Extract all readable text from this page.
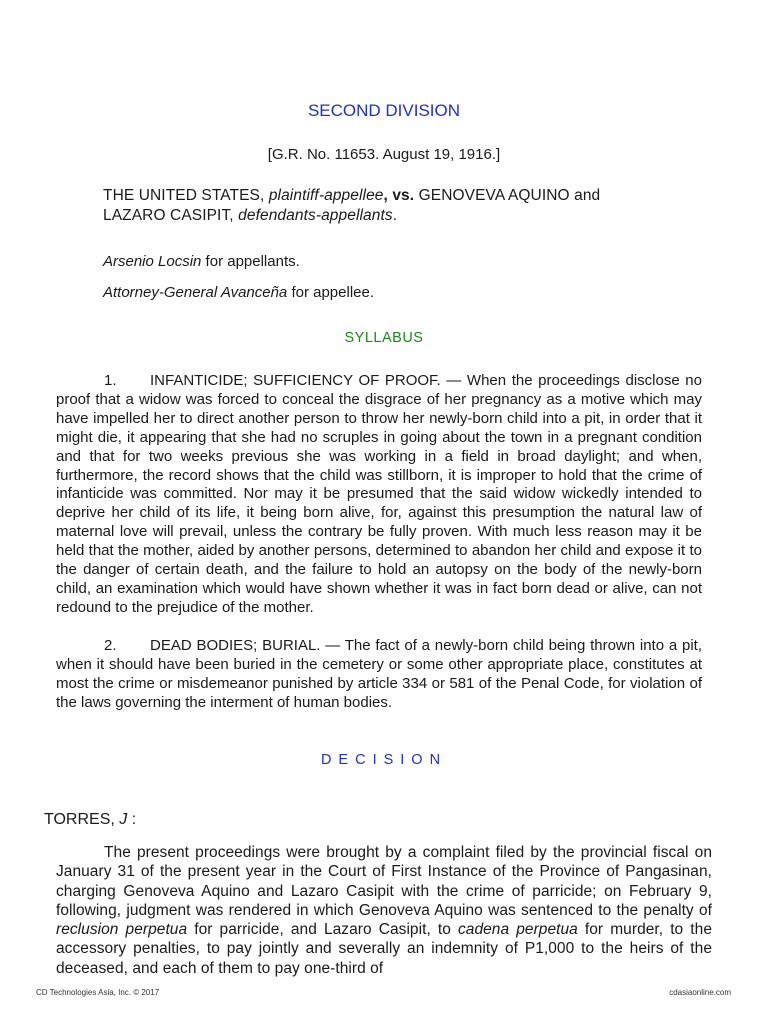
SECOND DIVISION
[G.R. No. 11653. August 19, 1916.]
THE UNITED STATES, plaintiff-appellee, vs. GENOVEVA AQUINO and LAZARO CASIPIT, defendants-appellants.
Arsenio Locsin for appellants.
Attorney-General Avanceña for appellee.
SYLLABUS
1. INFANTICIDE; SUFFICIENCY OF PROOF. — When the proceedings disclose no proof that a widow was forced to conceal the disgrace of her pregnancy as a motive which may have impelled her to direct another person to throw her newly-born child into a pit, in order that it might die, it appearing that she had no scruples in going about the town in a pregnant condition and that for two weeks previous she was working in a field in broad daylight; and when, furthermore, the record shows that the child was stillborn, it is improper to hold that the crime of infanticide was committed. Nor may it be presumed that the said widow wickedly intended to deprive her child of its life, it being born alive, for, against this presumption the natural law of maternal love will prevail, unless the contrary be fully proven. With much less reason may it be held that the mother, aided by another persons, determined to abandon her child and expose it to the danger of certain death, and the failure to hold an autopsy on the body of the newly-born child, an examination which would have shown whether it was in fact born dead or alive, can not redound to the prejudice of the mother.
2. DEAD BODIES; BURIAL. — The fact of a newly-born child being thrown into a pit, when it should have been buried in the cemetery or some other appropriate place, constitutes at most the crime or misdemeanor punished by article 334 or 581 of the Penal Code, for violation of the laws governing the interment of human bodies.
DECISION
TORRES, J :
The present proceedings were brought by a complaint filed by the provincial fiscal on January 31 of the present year in the Court of First Instance of the Province of Pangasinan, charging Genoveva Aquino and Lazaro Casipit with the crime of parricide; on February 9, following, judgment was rendered in which Genoveva Aquino was sentenced to the penalty of reclusion perpetua for parricide, and Lazaro Casipit, to cadena perpetua for murder, to the accessory penalties, to pay jointly and severally an indemnity of P1,000 to the heirs of the deceased, and each of them to pay one-third of
CD Technologies Asia, Inc. © 2017	cdasiaonline.com
